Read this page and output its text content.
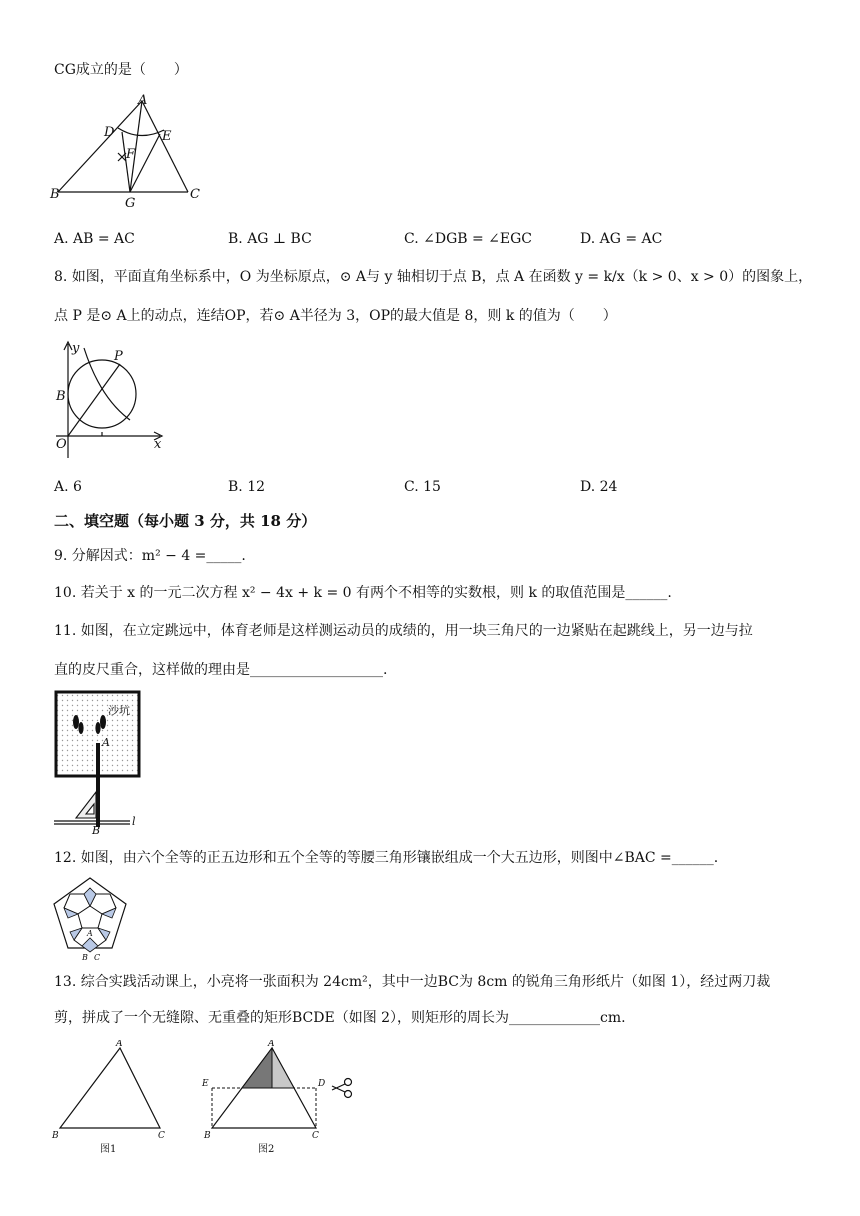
CG成立的是（　　）
A
D	E
F
B
G
C
A. AB = AC	B. AG ⊥ BC	C. ∠DGB = ∠EGC	D. AG = AC
8. 如图，平面直角坐标系中，O 为坐标原点，⊙ A与 y 轴相切于点 B，点 A 在函数 y = k/x（k > 0、x > 0）的图象上，
点 P 是⊙ A上的动点，连结OP，若⊙ A半径为 3，OP的最大值是 8，则 k 的值为（　　）
y
P
B
O	x
A. 6	B. 12	C. 15	D. 24
二、填空题（每小题 3 分，共 18 分）
9. 分解因式：m² − 4 =_____.
10. 若关于 x 的一元二次方程 x² − 4x + k = 0 有两个不相等的实数根，则 k 的取值范围是______.
11. 如图，在立定跳远中，体育老师是这样测运动员的成绩的，用一块三角尺的一边紧贴在起跳线上，另一边与拉
直的皮尺重合，这样做的理由是___________________.
沙坑
A
B
l
12. 如图，由六个全等的正五边形和五个全等的等腰三角形镶嵌组成一个大五边形，则图中∠BAC =______.
A
B C
13. 综合实践活动课上，小亮将一张面积为 24cm²，其中一边BC为 8cm 的锐角三角形纸片（如图 1），经过两刀裁
剪，拼成了一个无缝隙、无重叠的矩形BCDE（如图 2），则矩形的周长为_____________cm.
A
B	C
图1
A
E	D
B	C
图2
